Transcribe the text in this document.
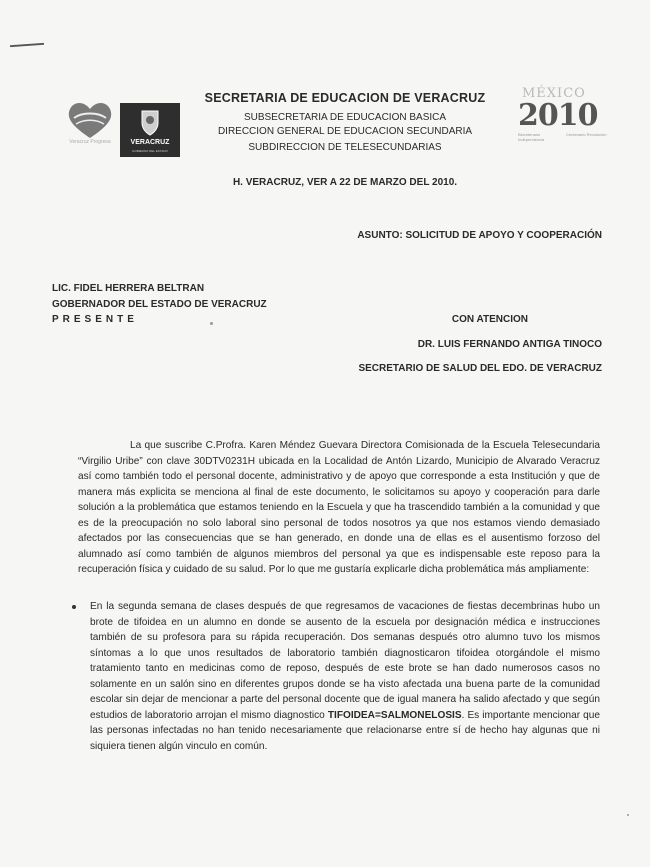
Veracruz Progresa	VERACRUZ
GOBIERNO DEL ESTADO
MÉXICO
2010
Bicentenario Independencia
Centenario Revolución
SECRETARIA DE EDUCACION DE VERACRUZ
SUBSECRETARIA DE EDUCACION BASICA
DIRECCION GENERAL DE EDUCACION SECUNDARIA
SUBDIRECCION DE TELESECUNDARIAS
H. VERACRUZ, VER A 22 DE MARZO DEL 2010.
ASUNTO: SOLICITUD DE APOYO Y COOPERACIÓN
LIC. FIDEL HERRERA BELTRAN
GOBERNADOR DEL ESTADO DE VERACRUZ
PRESENTE	CON ATENCION
DR. LUIS FERNANDO ANTIGA TINOCO
SECRETARIO DE SALUD DEL EDO. DE VERACRUZ
La que suscribe C.Profra. Karen Méndez Guevara Directora Comisionada de la Escuela Telesecundaria “Virgilio Uribe” con clave 30DTV0231H ubicada en la Localidad de Antón Lizardo, Municipio de Alvarado Veracruz así como también todo el personal docente, administrativo y de apoyo que corresponde a esta Institución y que de manera más explicita se menciona al final de este documento, le solicitamos su apoyo y cooperación para darle solución a la problemática que estamos teniendo en la Escuela y que ha trascendido también a la comunidad y que es de la preocupación no solo laboral sino personal de todos nosotros ya que nos estamos viendo demasiado afectados por las consecuencias que se han generado, en donde una de ellas es el ausentismo forzoso del alumnado así como también de algunos miembros del personal ya que es indispensable este reposo para la recuperación física y cuidado de su salud. Por lo que me gustaría explicarle dicha problemática más ampliamente:
En la segunda semana de clases después de que regresamos de vacaciones de fiestas decembrinas hubo un brote de tifoidea en un alumno en donde se ausento de la escuela por designación médica e instrucciones también de su profesora para su rápida recuperación. Dos semanas después otro alumno tuvo los mismos síntomas a lo que unos resultados de laboratorio también diagnosticaron tifoidea otorgándole el mismo tratamiento tanto en medicinas como de reposo, después de este brote se han dado numerosos casos no solamente en un salón sino en diferentes grupos donde se ha visto afectada una buena parte de la comunidad escolar sin dejar de mencionar a parte del personal docente que de igual manera ha salido afectado y que según estudios de laboratorio arrojan el mismo diagnostico TIFOIDEA=SALMONELOSIS. Es importante mencionar que las personas infectadas no han tenido necesariamente que relacionarse entre sí de hecho hay algunas que ni siquiera tienen algún vinculo en común.
